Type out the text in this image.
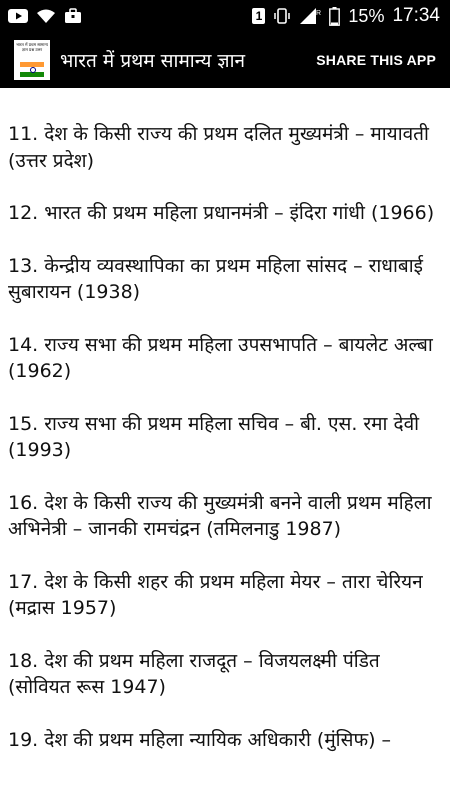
1	R 15% 17:34
भारत में प्रथम सामान्य ज्ञान प्रश्न उत्तर
भारत में प्रथम सामान्य ज्ञान	SHARE THIS APP

11. देश के किसी राज्य की प्रथम दलित मुख्यमंत्री – मायावती (उत्तर प्रदेश)

12. भारत की प्रथम महिला प्रधानमंत्री – इंदिरा गांधी (1966)

13. केन्द्रीय व्यवस्थापिका का प्रथम महिला सांसद – राधाबाई सुबारायन (1938)

14. राज्य सभा की प्रथम महिला उपसभापति – बायलेट अल्बा (1962)

15. राज्य सभा की प्रथम महिला सचिव – बी. एस. रमा देवी (1993)

16. देश के किसी राज्य की मुख्यमंत्री बनने वाली प्रथम महिला अभिनेत्री – जानकी रामचंद्रन (तमिलनाडु 1987)

17. देश के किसी शहर की प्रथम महिला मेयर – तारा चेरियन (मद्रास 1957)

18. देश की प्रथम महिला राजदूत – विजयलक्ष्मी पंडित (सोवियत रूस 1947)

19. देश की प्रथम महिला न्यायिक अधिकारी (मुंसिफ) –
